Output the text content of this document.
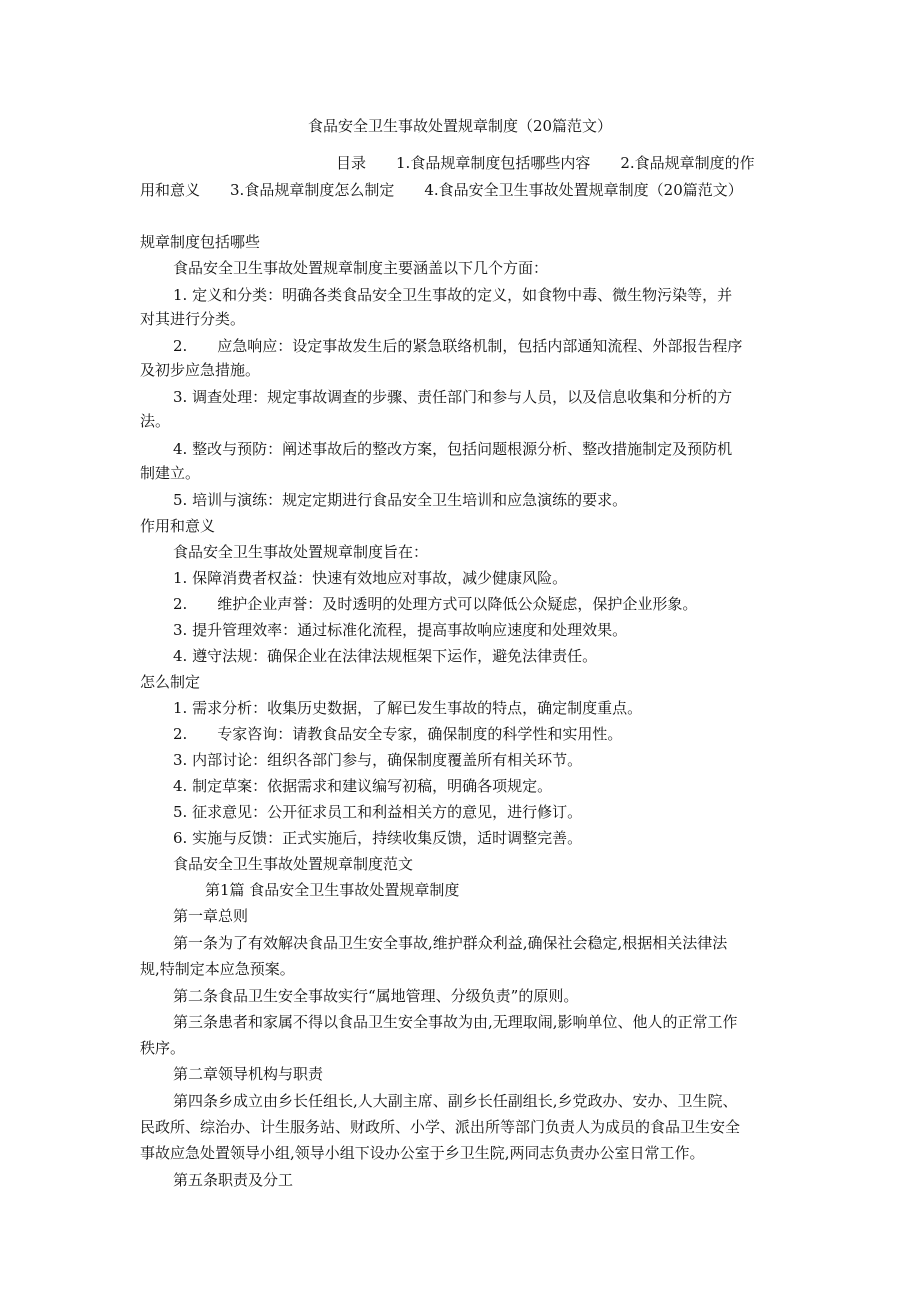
食品安全卫生事故处置规章制度（20篇范文）
目录 1.食品规章制度包括哪些内容 2.食品规章制度的作
用和意义 3.食品规章制度怎么制定 4.食品安全卫生事故处置规章制度（20篇范文）
规章制度包括哪些
食品安全卫生事故处置规章制度主要涵盖以下几个方面：
1. 定义和分类：明确各类食品安全卫生事故的定义，如食物中毒、微生物污染等，并
对其进行分类。
2.　　应急响应：设定事故发生后的紧急联络机制，包括内部通知流程、外部报告程序
及初步应急措施。
3. 调查处理：规定事故调查的步骤、责任部门和参与人员，以及信息收集和分析的方
法。
4. 整改与预防：阐述事故后的整改方案，包括问题根源分析、整改措施制定及预防机
制建立。
5. 培训与演练：规定定期进行食品安全卫生培训和应急演练的要求。
作用和意义
食品安全卫生事故处置规章制度旨在：
1. 保障消费者权益：快速有效地应对事故，减少健康风险。
2.　　维护企业声誉：及时透明的处理方式可以降低公众疑虑，保护企业形象。
3. 提升管理效率：通过标准化流程，提高事故响应速度和处理效果。
4. 遵守法规：确保企业在法律法规框架下运作，避免法律责任。
怎么制定
1. 需求分析：收集历史数据，了解已发生事故的特点，确定制度重点。
2.　　专家咨询：请教食品安全专家，确保制度的科学性和实用性。
3. 内部讨论：组织各部门参与，确保制度覆盖所有相关环节。
4. 制定草案：依据需求和建议编写初稿，明确各项规定。
5. 征求意见：公开征求员工和利益相关方的意见，进行修订。
6. 实施与反馈：正式实施后，持续收集反馈，适时调整完善。
食品安全卫生事故处置规章制度范文
第1篇 食品安全卫生事故处置规章制度
第一章总则
第一条为了有效解决食品卫生安全事故,维护群众利益,确保社会稳定,根据相关法律法
规,特制定本应急预案。
第二条食品卫生安全事故实行“属地管理、分级负责”的原则。
第三条患者和家属不得以食品卫生安全事故为由,无理取闹,影响单位、他人的正常工作
秩序。
第二章领导机构与职责
第四条乡成立由乡长任组长,人大副主席、副乡长任副组长,乡党政办、安办、卫生院、
民政所、综治办、计生服务站、财政所、小学、派出所等部门负责人为成员的食品卫生安全
事故应急处置领导小组,领导小组下设办公室于乡卫生院,两同志负责办公室日常工作。
第五条职责及分工
